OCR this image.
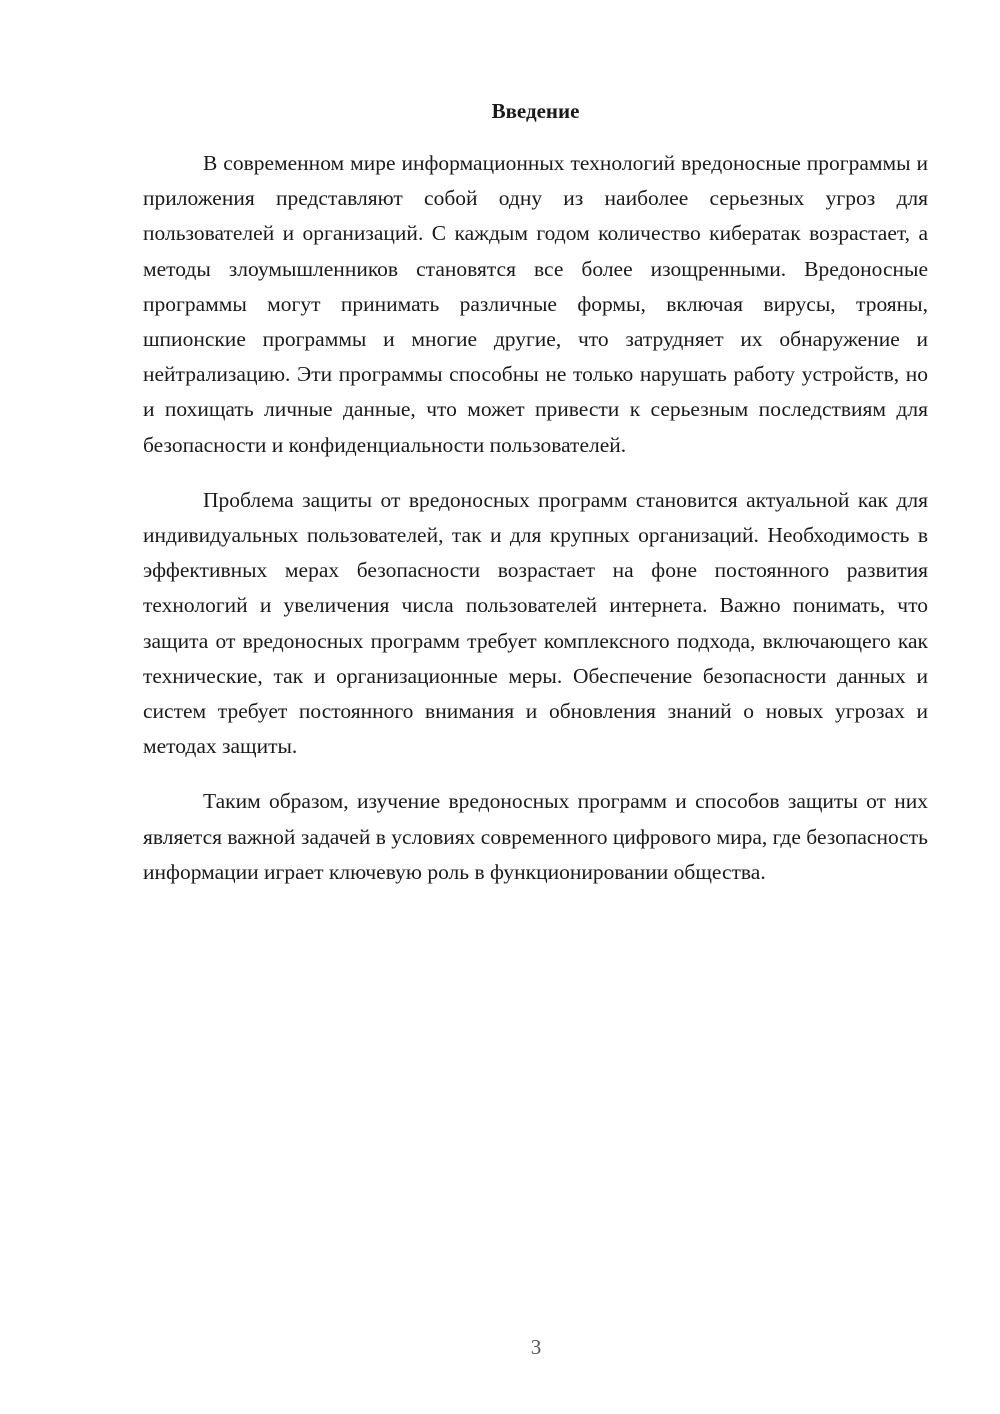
Введение

В современном мире информационных технологий вредоносные программы и приложения представляют собой одну из наиболее серьезных угроз для пользователей и организаций. С каждым годом количество кибератак возрастает, а методы злоумышленников становятся все более изощренными. Вредоносные программы могут принимать различные формы, включая вирусы, трояны, шпионские программы и многие другие, что затрудняет их обнаружение и нейтрализацию. Эти программы способны не только нарушать работу устройств, но и похищать личные данные, что может привести к серьезным последствиям для безопасности и конфиденциальности пользователей.

Проблема защиты от вредоносных программ становится актуальной как для индивидуальных пользователей, так и для крупных организаций. Необходимость в эффективных мерах безопасности возрастает на фоне постоянного развития технологий и увеличения числа пользователей интернета. Важно понимать, что защита от вредоносных программ требует комплексного подхода, включающего как технические, так и организационные меры. Обеспечение безопасности данных и систем требует постоянного внимания и обновления знаний о новых угрозах и методах защиты.

Таким образом, изучение вредоносных программ и способов защиты от них является важной задачей в условиях современного цифрового мира, где безопасность информации играет ключевую роль в функционировании общества.

3
